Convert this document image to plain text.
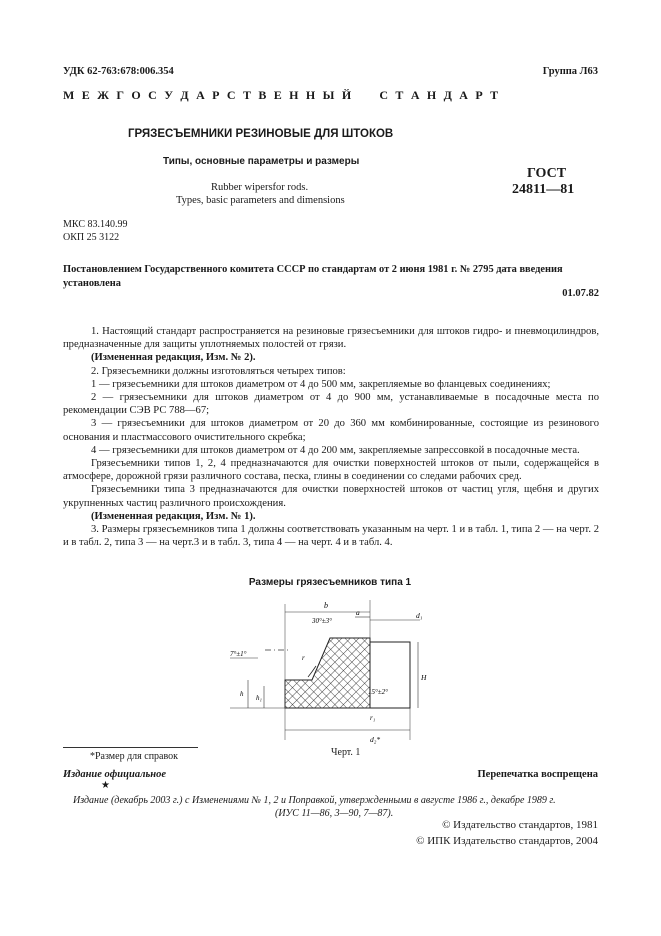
УДК 62-763:678:006.354	Группа Л63
М Е Ж Г О С У Д А Р С Т В Е Н Н Ы Й     С Т А Н Д А Р Т
ГРЯЗЕСЪЕМНИКИ РЕЗИНОВЫЕ ДЛЯ ШТОКОВ
Типы, основные параметры и размеры
Rubber wipersfor rods.
Types, basic parameters and dimensions
ГОСТ
24811—81
МКС 83.140.99
ОКП 25 3122
Постановлением Государственного комитета СССР по стандартам от 2 июня 1981 г. № 2795 дата введения установлена
01.07.82
1. Настоящий стандарт распространяется на резиновые грязесъемники для штоков гидро- и пневмоцилиндров, предназначенные для защиты уплотняемых полостей от грязи.
(Измененная редакция, Изм. № 2).
2. Грязесъемники должны изготовляться четырех типов:
1 — грязесъемники для штоков диаметром от 4 до 500 мм, закрепляемые во фланцевых соединениях;
2 — грязесъемники для штоков диаметром от 4 до 900 мм, устанавливаемые в посадочные места по рекомендации СЭВ РС 788—67;
3 — грязесъемники для штоков диаметром от 20 до 360 мм комбинированные, состоящие из резинового основания и пластмассового очистительного скребка;
4 — грязесъемники для штоков диаметром от 4 до 200 мм, закрепляемые запрессовкой в посадочные места.
Грязесъемники типов 1, 2, 4 предназначаются для очистки поверхностей штоков от пыли, содержащейся в атмосфере, дорожной грязи различного состава, песка, глины в соединении со следами рабочих сред.
Грязесъемники типа 3 предназначаются для очистки поверхностей штоков от частиц угля, щебня и других укрупненных частиц различного происхождения.
(Измененная редакция, Изм. № 1).
3. Размеры грязесъемников типа 1 должны соответствовать указанным на черт. 1 и в табл. 1, типа 2 — на черт. 2 и в табл. 2, типа 3 — на черт.3 и в табл. 3, типа 4 — на черт. 4 и в табл. 4.
Размеры грязесъемников типа 1
b
a
30°±3°
d₁
H
7°±1°	r
h h₁
15°±2°
r₁
d₂*
Черт. 1
*Размер для справок
Издание официальное
★
Перепечатка воспрещена
Издание (декабрь 2003 г.) с Изменениями № 1, 2 и Поправкой, утвержденными в августе 1986 г., декабре 1989 г.
(ИУС 11—86, 3—90, 7—87).
© Издательство стандартов, 1981
© ИПК Издательство стандартов, 2004
